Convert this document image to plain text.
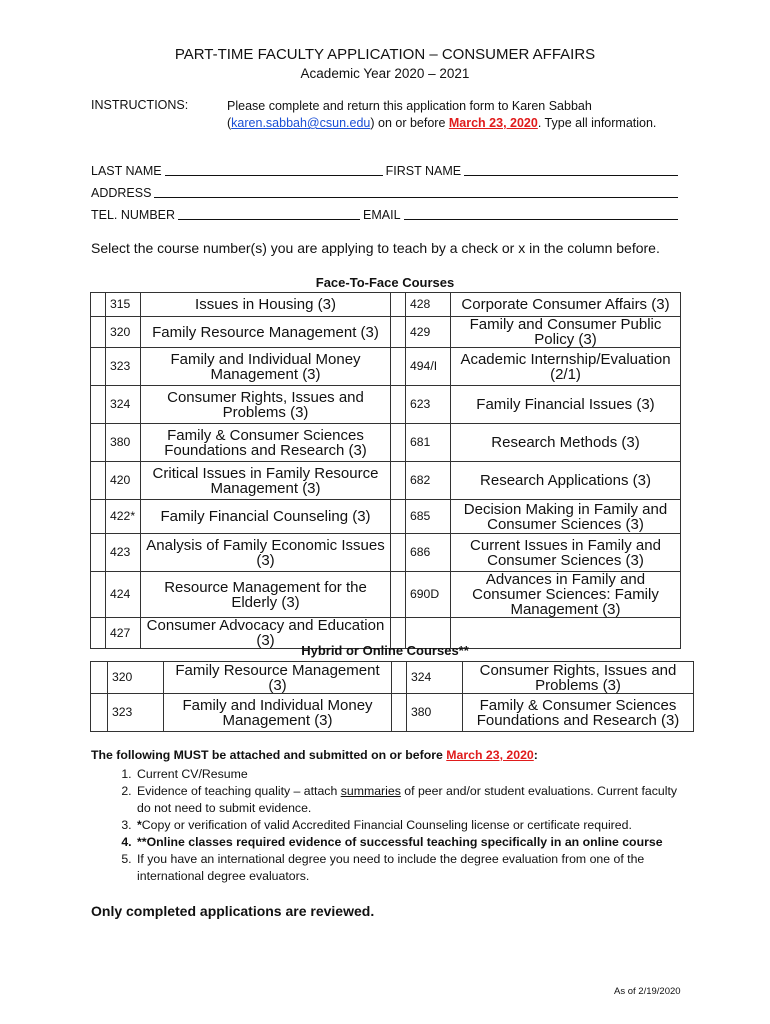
PART-TIME FACULTY APPLICATION – CONSUMER AFFAIRS
Academic Year 2020 – 2021
INSTRUCTIONS:	Please complete and return this application form to Karen Sabbah
(karen.sabbah@csun.edu) on or before March 23, 2020. Type all information.
LAST NAME	FIRST NAME
ADDRESS
TEL. NUMBER	EMAIL
Select the course number(s) you are applying to teach by a check or x in the column before.
Face-To-Face Courses
	315	Issues in Housing (3)		428	Corporate Consumer Affairs (3)
	320	Family Resource Management (3)		429	Family and Consumer Public Policy (3)
	323	Family and Individual Money Management (3)		494/I	Academic Internship/Evaluation (2/1)
	324	Consumer Rights, Issues and Problems (3)		623	Family Financial Issues (3)
	380	Family & Consumer Sciences Foundations and Research (3)		681	Research Methods (3)
	420	Critical Issues in Family Resource Management (3)		682	Research Applications (3)
	422*	Family Financial Counseling (3)		685	Decision Making in Family and Consumer Sciences (3)
	423	Analysis of Family Economic Issues (3)		686	Current Issues in Family and Consumer Sciences (3)
	424	Resource Management for the Elderly (3)		690D	Advances in Family and Consumer Sciences: Family Management (3)
	427	Consumer Advocacy and Education (3)			
Hybrid or Online Courses**
	320	Family Resource Management (3)		324	Consumer Rights, Issues and Problems (3)
	323	Family and Individual Money Management (3)		380	Family & Consumer Sciences Foundations and Research (3)
The following MUST be attached and submitted on or before March 23, 2020:
1. Current CV/Resume
2. Evidence of teaching quality – attach summaries of peer and/or student evaluations. Current faculty do not need to submit evidence.
3. *Copy or verification of valid Accredited Financial Counseling license or certificate required.
4. **Online classes required evidence of successful teaching specifically in an online course
5. If you have an international degree you need to include the degree evaluation from one of the international degree evaluators.
Only completed applications are reviewed.
As of 2/19/2020
